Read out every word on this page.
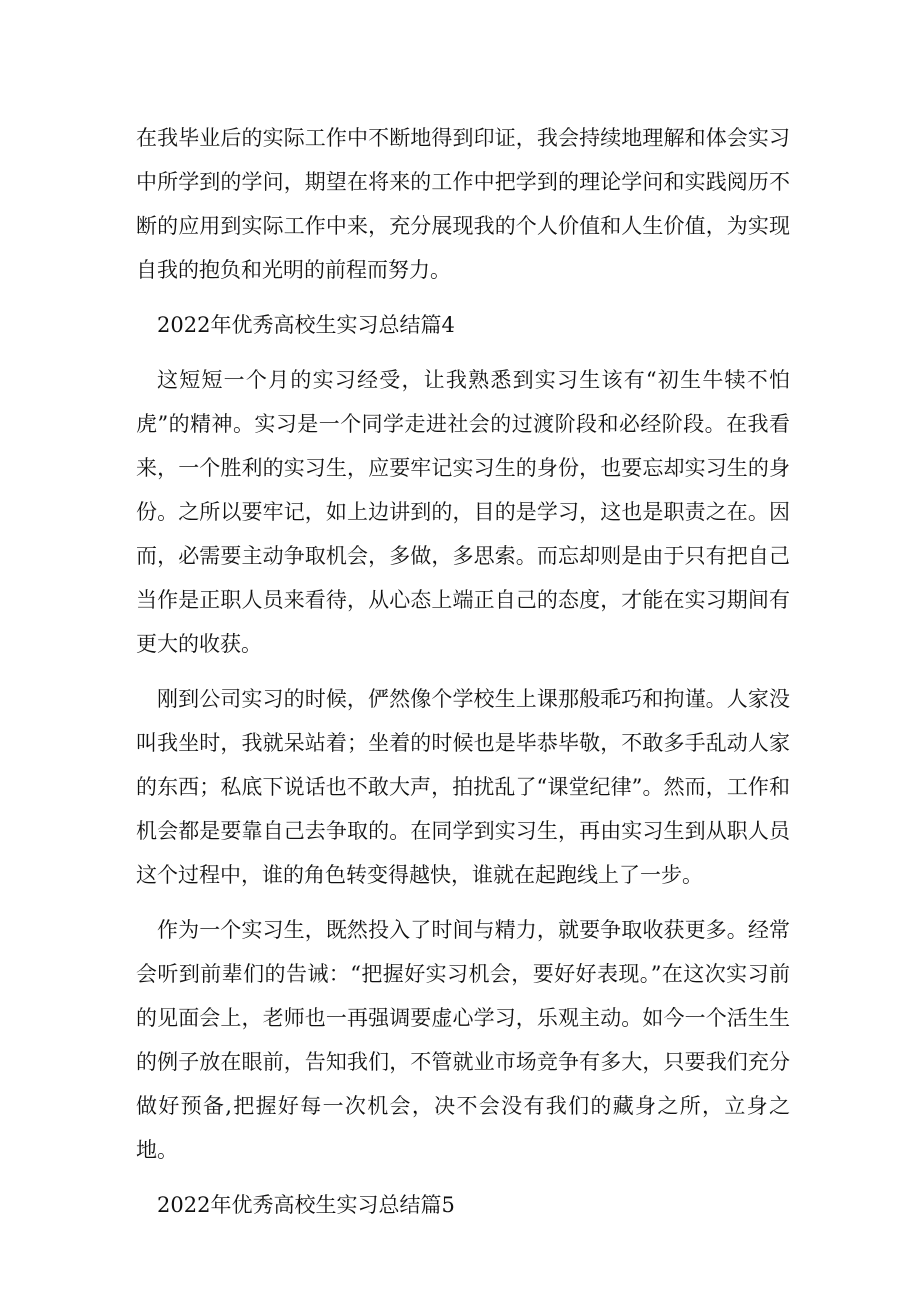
在我毕业后的实际工作中不断地得到印证，我会持续地理解和体会实习中所学到的学问，期望在将来的工作中把学到的理论学问和实践阅历不断的应用到实际工作中来，充分展现我的个人价值和人生价值，为实现自我的抱负和光明的前程而努力。

2022年优秀高校生实习总结篇4

这短短一个月的实习经受，让我熟悉到实习生该有“初生牛犊不怕虎”的精神。实习是一个同学走进社会的过渡阶段和必经阶段。在我看来，一个胜利的实习生，应要牢记实习生的身份，也要忘却实习生的身份。之所以要牢记，如上边讲到的，目的是学习，这也是职责之在。因而，必需要主动争取机会，多做，多思索。而忘却则是由于只有把自己当作是正职人员来看待，从心态上端正自己的态度，才能在实习期间有更大的收获。

刚到公司实习的时候，俨然像个学校生上课那般乖巧和拘谨。人家没叫我坐时，我就呆站着；坐着的时候也是毕恭毕敬，不敢多手乱动人家的东西；私底下说话也不敢大声，拍扰乱了“课堂纪律”。然而，工作和机会都是要靠自己去争取的。在同学到实习生，再由实习生到从职人员这个过程中，谁的角色转变得越快，谁就在起跑线上了一步。

作为一个实习生，既然投入了时间与精力，就要争取收获更多。经常会听到前辈们的告诫：“把握好实习机会，要好好表现。”在这次实习前的见面会上，老师也一再强调要虚心学习，乐观主动。如今一个活生生的例子放在眼前，告知我们，不管就业市场竞争有多大，只要我们充分做好预备,把握好每一次机会，决不会没有我们的藏身之所，立身之地。

2022年优秀高校生实习总结篇5
